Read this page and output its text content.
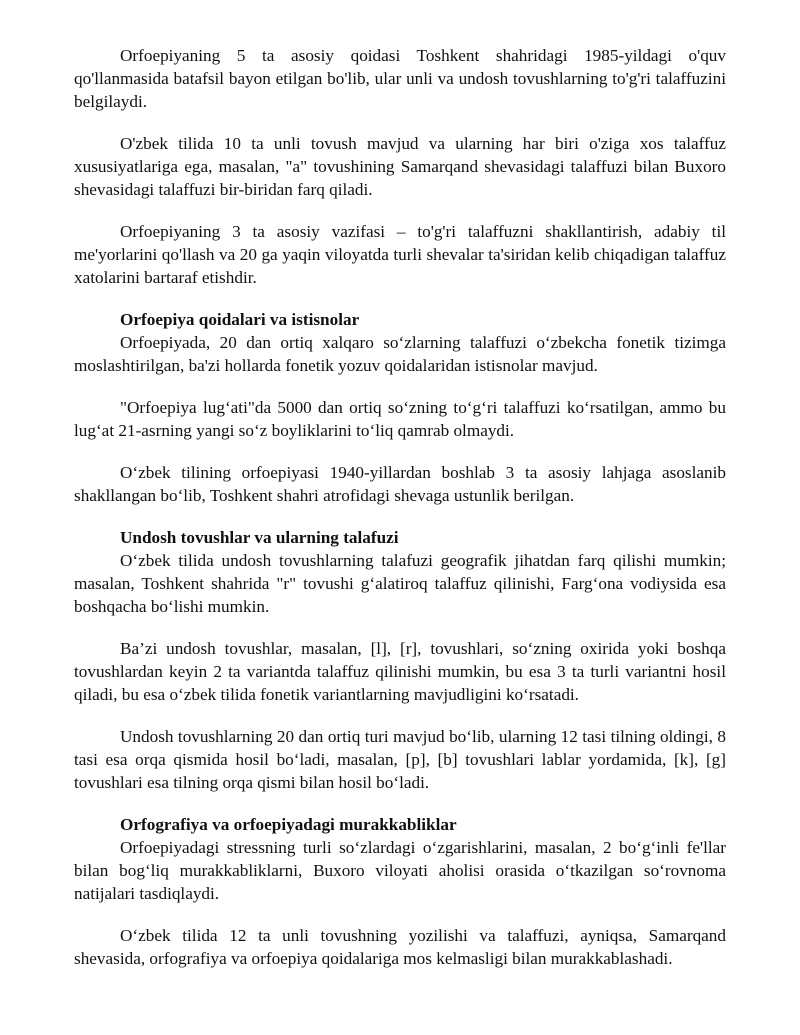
Orfoepiyaning 5 ta asosiy qoidasi Toshkent shahridagi 1985-yildagi o'quv qo'llanmasida batafsil bayon etilgan bo'lib, ular unli va undosh tovushlarning to'g'ri talaffuzini belgilaydi.

O'zbek tilida 10 ta unli tovush mavjud va ularning har biri o'ziga xos talaffuz xususiyatlariga ega, masalan, "a" tovushining Samarqand shevasidagi talaffuzi bilan Buxoro shevasidagi talaffuzi bir-biridan farq qiladi.

Orfoepiyaning 3 ta asosiy vazifasi – to'g'ri talaffuzni shakllantirish, adabiy til me'yorlarini qo'llash va 20 ga yaqin viloyatda turli shevalar ta'siridan kelib chiqadigan talaffuz xatolarini bartaraf etishdir.

Orfoepiya qoidalari va istisnolar

Orfoepiyada, 20 dan ortiq xalqaro so‘zlarning talaffuzi o‘zbekcha fonetik tizimga moslashtirilgan, ba'zi hollarda fonetik yozuv qoidalaridan istisnolar mavjud.

"Orfoepiya lug‘ati"da 5000 dan ortiq so‘zning to‘g‘ri talaffuzi ko‘rsatilgan, ammo bu lug‘at 21-asrning yangi so‘z boyliklarini to‘liq qamrab olmaydi.

O‘zbek tilining orfoepiyasi 1940-yillardan boshlab 3 ta asosiy lahjaga asoslanib shakllangan bo‘lib, Toshkent shahri atrofidagi shevaga ustunlik berilgan.

Undosh tovushlar va ularning talafuzi

O‘zbek tilida undosh tovushlarning talafuzi geografik jihatdan farq qilishi mumkin; masalan, Toshkent shahrida "r" tovushi g‘alatiroq talaffuz qilinishi, Farg‘ona vodiysida esa boshqacha bo‘lishi mumkin.

Ba’zi undosh tovushlar, masalan, [l], [r], tovushlari, so‘zning oxirida yoki boshqa tovushlardan keyin 2 ta variantda talaffuz qilinishi mumkin, bu esa 3 ta turli variantni hosil qiladi, bu esa o‘zbek tilida fonetik variantlarning mavjudligini ko‘rsatadi.

Undosh tovushlarning 20 dan ortiq turi mavjud bo‘lib, ularning 12 tasi tilning oldingi, 8 tasi esa orqa qismida hosil bo‘ladi, masalan, [p], [b] tovushlari lablar yordamida, [k], [g] tovushlari esa tilning orqa qismi bilan hosil bo‘ladi.

Orfografiya va orfoepiyadagi murakkabliklar

Orfoepiyadagi stressning turli so‘zlardagi o‘zgarishlarini, masalan, 2 bo‘g‘inli fe'llar bilan bog‘liq murakkabliklarni, Buxoro viloyati aholisi orasida o‘tkazilgan so‘rovnoma natijalari tasdiqlaydi.

O‘zbek tilida 12 ta unli tovushning yozilishi va talaffuzi, ayniqsa, Samarqand shevasida, orfografiya va orfoepiya qoidalariga mos kelmasligi bilan murakkablashadi.
